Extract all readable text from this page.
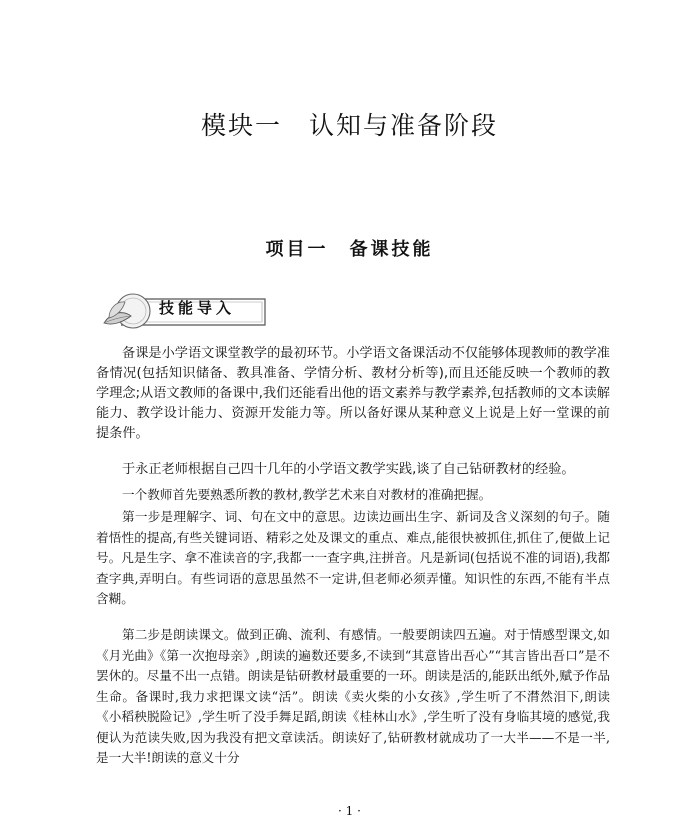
模块一　认知与准备阶段
项目一　备课技能
技能导入

备课是小学语文课堂教学的最初环节。小学语文备课活动不仅能够体现教师的教学准备情况(包括知识储备、教具准备、学情分析、教材分析等),而且还能反映一个教师的教学理念;从语文教师的备课中,我们还能看出他的语文素养与教学素养,包括教师的文本读解能力、教学设计能力、资源开发能力等。所以备好课从某种意义上说是上好一堂课的前提条件。

于永正老师根据自己四十几年的小学语文教学实践,谈了自己钻研教材的经验。

一个教师首先要熟悉所教的教材,教学艺术来自对教材的准确把握。

第一步是理解字、词、句在文中的意思。边读边画出生字、新词及含义深刻的句子。随着悟性的提高,有些关键词语、精彩之处及课文的重点、难点,能很快被抓住,抓住了,便做上记号。凡是生字、拿不准读音的字,我都一一查字典,注拼音。凡是新词(包括说不准的词语),我都查字典,弄明白。有些词语的意思虽然不一定讲,但老师必须弄懂。知识性的东西,不能有半点含糊。

第二步是朗读课文。做到正确、流利、有感情。一般要朗读四五遍。对于情感型课文,如《月光曲》《第一次抱母亲》,朗读的遍数还要多,不读到“其意皆出吾心”“其言皆出吾口”是不罢休的。尽量不出一点错。朗读是钻研教材最重要的一环。朗读是活的,能跃出纸外,赋予作品生命。备课时,我力求把课文读“活”。朗读《卖火柴的小女孩》,学生听了不潸然泪下,朗读《小稻秧脱险记》,学生听了没手舞足蹈,朗读《桂林山水》,学生听了没有身临其境的感觉,我便认为范读失败,因为我没有把文章读活。朗读好了,钻研教材就成功了一大半——不是一半,是一大半!朗读的意义十分

· 1 ·
